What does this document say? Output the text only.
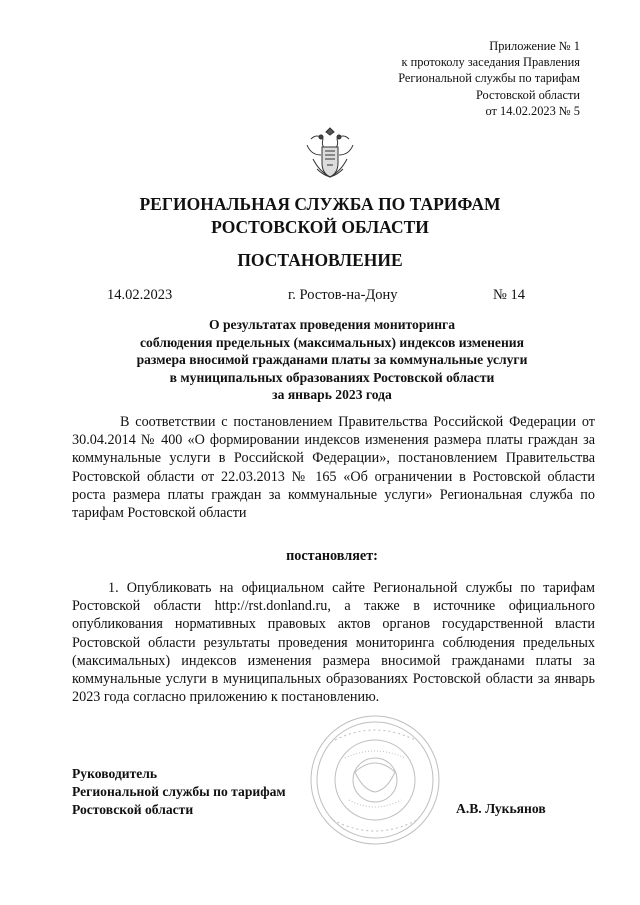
Приложение № 1
к протоколу заседания Правления
Региональной службы по тарифам
Ростовской области
от 14.02.2023 № 5
РЕГИОНАЛЬНАЯ СЛУЖБА ПО ТАРИФАМ
РОСТОВСКОЙ ОБЛАСТИ
ПОСТАНОВЛЕНИЕ
14.02.2023	г. Ростов-на-Дону	№ 14
О результатах проведения мониторинга
соблюдения предельных (максимальных) индексов изменения
размера вносимой гражданами платы за коммунальные услуги
в муниципальных образованиях Ростовской области
за январь 2023 года
В соответствии с постановлением Правительства Российской Федерации от 30.04.2014 № 400 «О формировании индексов изменения размера платы граждан за коммунальные услуги в Российской Федерации», постановлением Правительства Ростовской области от 22.03.2013 № 165 «Об ограничении в Ростовской области роста размера платы граждан за коммунальные услуги» Региональная служба по тарифам Ростовской области
постановляет:
1. Опубликовать на официальном сайте Региональной службы по тарифам Ростовской области http://rst.donland.ru, а также в источнике официального опубликования нормативных правовых актов органов государственной власти Ростовской области результаты проведения мониторинга соблюдения предельных (максимальных) индексов изменения размера вносимой гражданами платы за коммунальные услуги в муниципальных образованиях Ростовской области за январь 2023 года согласно приложению к постановлению.
Руководитель
Региональной службы по тарифам
Ростовской области	А.В. Лукьянов
